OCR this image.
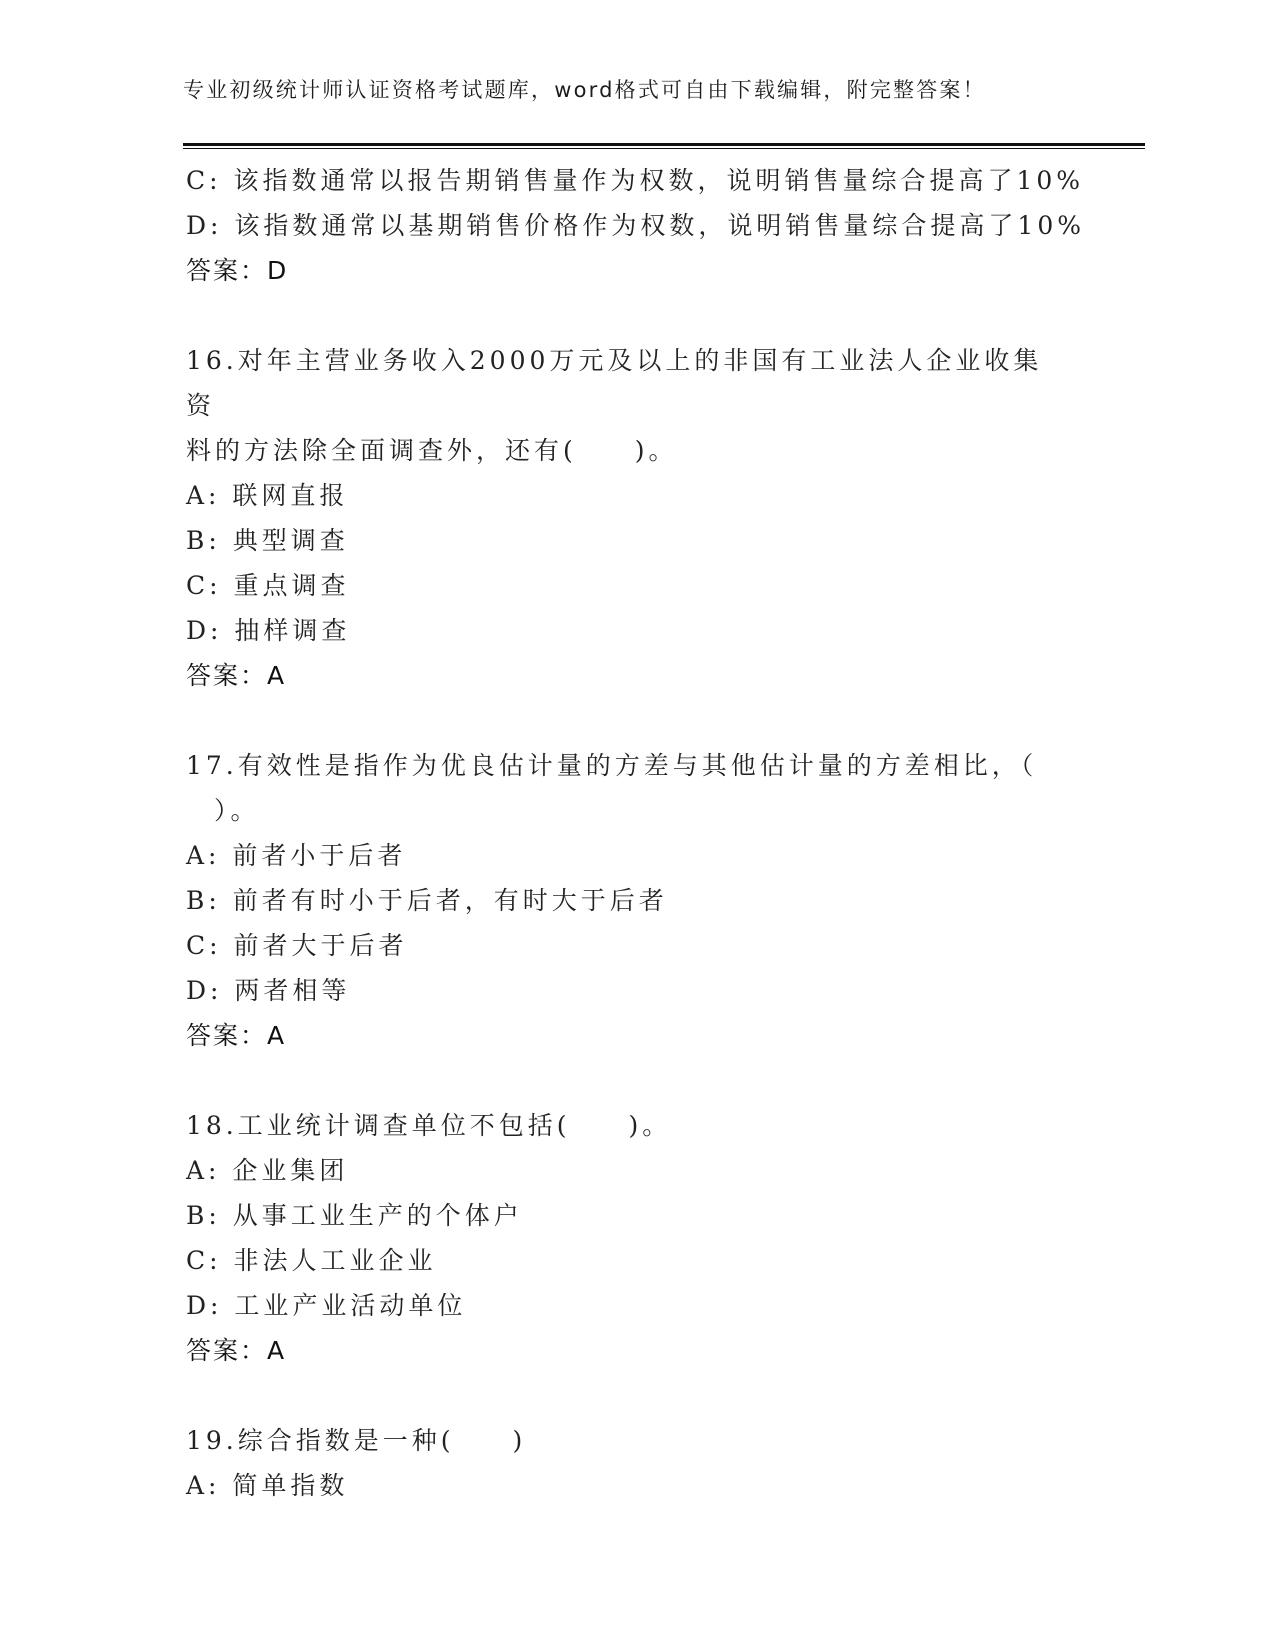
专业初级统计师认证资格考试题库，word格式可自由下载编辑，附完整答案！
C: 该指数通常以报告期销售量作为权数，说明销售量综合提高了10%
D: 该指数通常以基期销售价格作为权数，说明销售量综合提高了10%
答案：D
16.对年主营业务收入2000万元及以上的非国有工业法人企业收集资
料的方法除全面调查外，还有(　　)。
A: 联网直报
B: 典型调查
C: 重点调查
D: 抽样调查
答案：A
17.有效性是指作为优良估计量的方差与其他估计量的方差相比，（
）。
A: 前者小于后者
B: 前者有时小于后者，有时大于后者
C: 前者大于后者
D: 两者相等
答案：A
18.工业统计调查单位不包括(　　)。
A: 企业集团
B: 从事工业生产的个体户
C: 非法人工业企业
D: 工业产业活动单位
答案：A
19.综合指数是一种(　　)
A: 简单指数
